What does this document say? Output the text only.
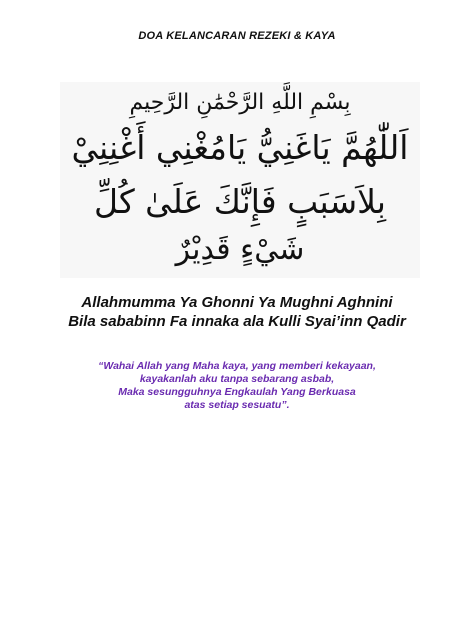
DOA KELANCARAN REZEKI & KAYA
بِسْمِ اللَّهِ الرَّحْمَٰنِ الرَّحِيمِ
اَللّٰهُمَّ يَاغَنِيُّ يَامُغْنِي أَغْنِنِيْ
بِلاَسَبَبٍ فَإِنَّكَ عَلَىٰ كُلِّ
شَيْءٍ قَدِيْرٌ
Allahmumma Ya Ghonni Ya Mughni Aghnini
Bila sababinn Fa innaka ala Kulli Syai’inn Qadir
“Wahai Allah yang Maha kaya, yang memberi kekayaan,
kayakanlah aku tanpa sebarang asbab,
Maka sesungguhnya Engkaulah Yang Berkuasa
atas setiap sesuatu”.
